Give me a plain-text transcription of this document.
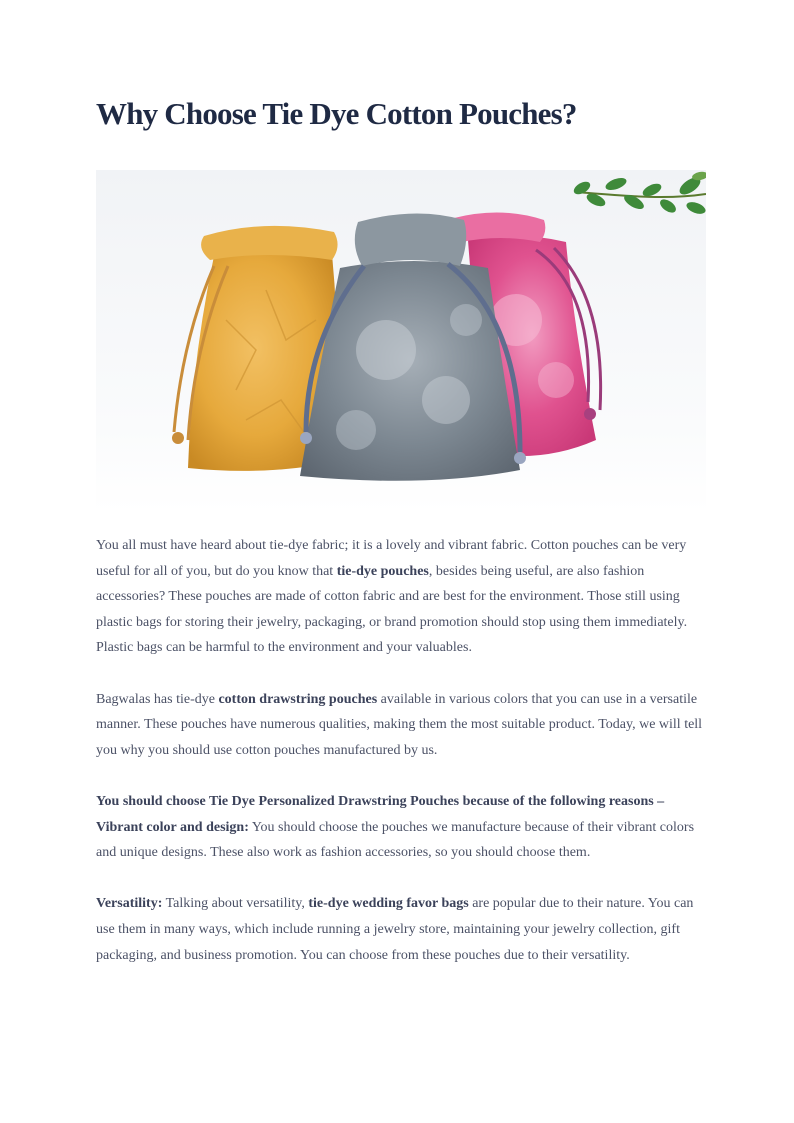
Why Choose Tie Dye Cotton Pouches?

You all must have heard about tie-dye fabric; it is a lovely and vibrant fabric. Cotton pouches can be very useful for all of you, but do you know that tie-dye pouches, besides being useful, are also fashion accessories? These pouches are made of cotton fabric and are best for the environment. Those still using plastic bags for storing their jewelry, packaging, or brand promotion should stop using them immediately. Plastic bags can be harmful to the environment and your valuables.

Bagwalas has tie-dye cotton drawstring pouches available in various colors that you can use in a versatile manner. These pouches have numerous qualities, making them the most suitable product. Today, we will tell you why you should use cotton pouches manufactured by us.

You should choose Tie Dye Personalized Drawstring Pouches because of the following reasons –
Vibrant color and design: You should choose the pouches we manufacture because of their vibrant colors and unique designs. These also work as fashion accessories, so you should choose them.

Versatility: Talking about versatility, tie-dye wedding favor bags are popular due to their nature. You can use them in many ways, which include running a jewelry store, maintaining your jewelry collection, gift packaging, and business promotion. You can choose from these pouches due to their versatility.
